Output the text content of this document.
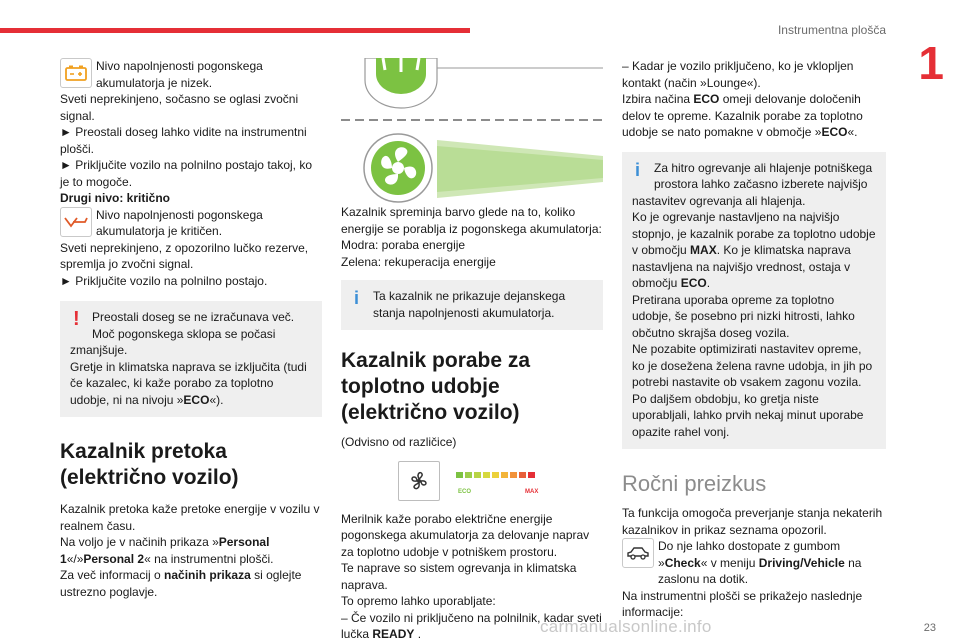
Instrumentna plošča
1
23
carmanualsonline.info

Nivo napolnjenosti pogonskega akumulatorja je nizek.

Sveti neprekinjeno, sočasno se oglasi zvočni signal.
► Preostali doseg lahko vidite na instrumentni plošči.
► Priključite vozilo na polnilno postajo takoj, ko je to mogoče.

Drugi nivo: kritično

Nivo napolnjenosti pogonskega akumulatorja je kritičen.

Sveti neprekinjeno, z opozorilno lučko rezerve, spremlja jo zvočni signal.
► Priključite vozilo na polnilno postajo.

!	Preostali doseg se ne izračunava več. Moč pogonskega sklopa se počasi

zmanjšuje.
Gretje in klimatska naprava se izključita (tudi če kazalec, ki kaže porabo za toplotno udobje, ni na nivoju »ECO«).

Kazalnik pretoka (električno vozilo)

Kazalnik pretoka kaže pretoke energije v vozilu v realnem času.
Na voljo je v načinih prikaza »Personal 1«/»Personal 2« na instrumentni plošči.
Za več informacij o načinih prikaza si oglejte ustrezno poglavje.

Kazalnik spreminja barvo glede na to, koliko energije se porablja iz pogonskega akumulatorja:
Modra: poraba energije
Zelena: rekuperacija energije

i	Ta kazalnik ne prikazuje dejanskega stanja napolnjenosti akumulatorja.

Kazalnik porabe za toplotno udobje (električno vozilo)

(Odvisno od različice)

ECO	MAX

Merilnik kaže porabo električne energije pogonskega akumulatorja za delovanje naprav za toplotno udobje v potniškem prostoru.
Te naprave so sistem ogrevanja in klimatska naprava.
To opremo lahko uporabljate:
– Če vozilo ni priključeno na polnilnik, kadar sveti lučka READY .

– Kadar je vozilo priključeno, ko je vklopljen kontakt (način »Lounge«).
Izbira načina ECO omeji delovanje določenih delov te opreme. Kazalnik porabe za toplotno udobje se nato pomakne v območje »ECO«.

i	Za hitro ogrevanje ali hlajenje potniškega prostora lahko začasno izberete najvišjo

nastavitev ogrevanja ali hlajenja.
Ko je ogrevanje nastavljeno na najvišjo stopnjo, je kazalnik porabe za toplotno udobje v območju MAX. Ko je klimatska naprava nastavljena na najvišjo vrednost, ostaja v območju ECO.
Pretirana uporaba opreme za toplotno udobje, še posebno pri nizki hitrosti, lahko občutno skrajša doseg vozila.
Ne pozabite optimizirati nastavitev opreme, ko je dosežena želena ravne udobja, in jih po potrebi nastavite ob vsakem zagonu vozila.
Po daljšem obdobju, ko gretja niste uporabljali, lahko prvih nekaj minut uporabe opazite rahel vonj.

Ročni preizkus

Ta funkcija omogoča preverjanje stanja nekaterih kazalnikov in prikaz seznama opozoril.

Do nje lahko dostopate z gumbom »Check« v meniju Driving/Vehicle na zaslonu na dotik.

Na instrumentni plošči se prikažejo naslednje informacije:
